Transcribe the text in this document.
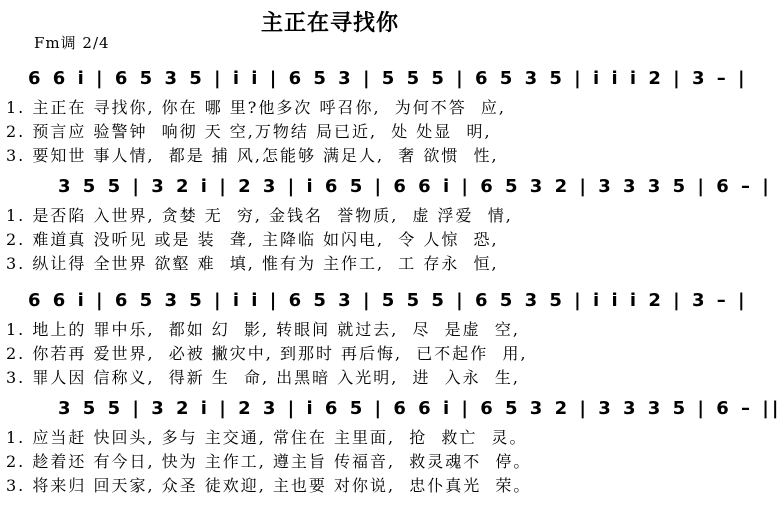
主正在寻找你
Fm调 2/4
6 6 i | 6 5 3 5 | i i | 6 5 3 | 5 5 5 | 6 5 3 5 | i i i 2 | 3 – |
1. 主正在 寻找你, 你在 哪 里?他多次 呼召你,  为何不答  应,
2. 预言应 验警钟  响彻 天 空,万物结 局已近,  处 处显  明,
3. 要知世 事人情,  都是 捕 风,怎能够 满足人,  奢 欲惯  性,
3 5 5 | 3 2 i | 2 3 | i 6 5 | 6 6 i | 6 5 3 2 | 3 3 3 5 | 6 – |
1. 是否陷 入世界, 贪婪 无  穷, 金钱名  誉物质,  虚 浮爱  情,
2. 难道真 没听见 或是 装  聋, 主降临 如闪电,  令 人惊  恐,
3. 纵让得 全世界 欲壑 难  填, 惟有为 主作工,  工 存永  恒,
6 6 i | 6 5 3 5 | i i | 6 5 3 | 5 5 5 | 6 5 3 5 | i i i 2 | 3 – |
1. 地上的 罪中乐,  都如 幻  影, 转眼间 就过去,  尽  是虚  空,
2. 你若再 爱世界,  必被 撇灾中, 到那时 再后悔,  已不起作  用,
3. 罪人因 信称义,  得新 生  命, 出黑暗 入光明,  进  入永  生,
3 5 5 | 3 2 i | 2 3 | i 6 5 | 6 6 i | 6 5 3 2 | 3 3 3 5 | 6 – ||
1. 应当赶 快回头, 多与 主交通, 常住在 主里面,  抢  救亡  灵。
2. 趁着还 有今日, 快为 主作工, 遵主旨 传福音,  救灵魂不  停。
3. 将来归 回天家, 众圣 徒欢迎, 主也要 对你说,  忠仆真光  荣。
